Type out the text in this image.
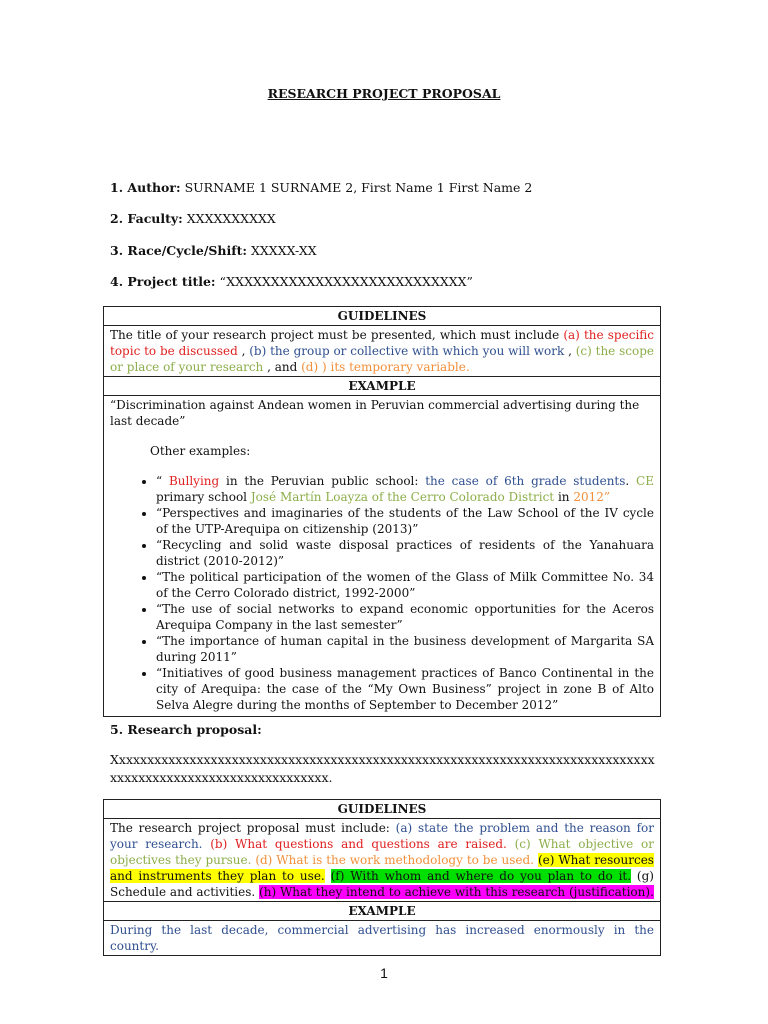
RESEARCH PROJECT PROPOSAL
1. Author: SURNAME 1 SURNAME 2, First Name 1 First Name 2
2. Faculty: XXXXXXXXXX
3. Race/Cycle/Shift: XXXXX-XX
4. Project title: “XXXXXXXXXXXXXXXXXXXXXXXXXXX”
GUIDELINES
The title of your research project must be presented, which must include (a) the specific topic to be discussed , (b) the group or collective with which you will work , (c) the scope or place of your research , and (d) ) its temporary variable.
EXAMPLE

“Discrimination against Andean women in Peruvian commercial advertising during the last decade”
Other examples:
• “ Bullying in the Peruvian public school: the case of 6th grade students. CE primary school José Martín Loayza of the Cerro Colorado District in 2012”
• “Perspectives and imaginaries of the students of the Law School of the IV cycle of the UTP-Arequipa on citizenship (2013)”
• “Recycling and solid waste disposal practices of residents of the Yanahuara district (2010-2012)”
• “The political participation of the women of the Glass of Milk Committee No. 34 of the Cerro Colorado district, 1992-2000”
• “The use of social networks to expand economic opportunities for the Aceros Arequipa Company in the last semester”
• “The importance of human capital in the business development of Margarita SA during 2011”
• “Initiatives of good business management practices of Banco Continental in the city of Arequipa: the case of the “My Own Business” project in zone B of Alto Selva Alegre during the months of September to December 2012”
5. Research proposal:
Xxxxxxxxxxxxxxxxxxxxxxxxxxxxxxxxxxxxxxxxxxxxxxxxxxxxxxxxxxxxxxxxxxxxxxxxxxxxxxxxxxxxxxxxxxxxxxxxxxxxxxxxxxxx.
GUIDELINES
The research project proposal must include: (a) state the problem and the reason for your research. (b) What questions and questions are raised. (c) What objective or objectives they pursue. (d) What is the work methodology to be used. (e) What resources and instruments they plan to use. (f) With whom and where do you plan to do it. (g) Schedule and activities. (h) What they intend to achieve with this research (justification).
EXAMPLE
During the last decade, commercial advertising has increased enormously in the country.
1
